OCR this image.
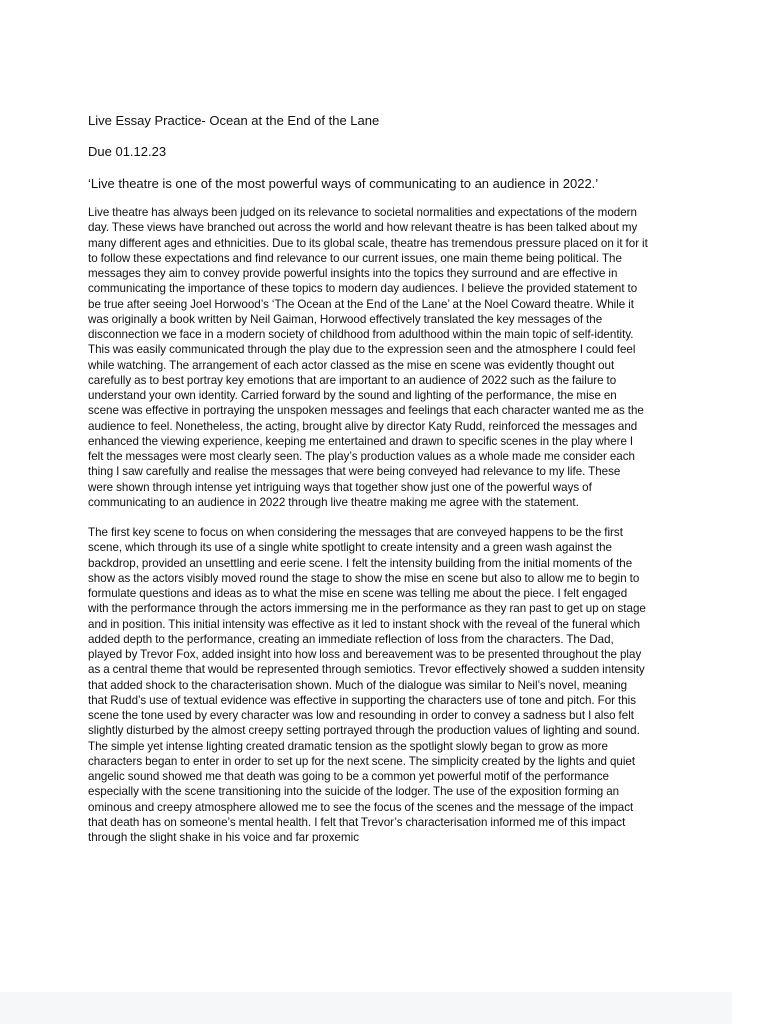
Live Essay Practice- Ocean at the End of the Lane

Due 01.12.23

‘Live theatre is one of the most powerful ways of communicating to an audience in 2022.’

Live theatre has always been judged on its relevance to societal normalities and expectations of the modern day. These views have branched out across the world and how relevant theatre is has been talked about my many different ages and ethnicities. Due to its global scale, theatre has tremendous pressure placed on it for it to follow these expectations and find relevance to our current issues, one main theme being political. The messages they aim to convey provide powerful insights into the topics they surround and are effective in communicating the importance of these topics to modern day audiences. I believe the provided statement to be true after seeing Joel Horwood’s ‘The Ocean at the End of the Lane’ at the Noel Coward theatre. While it was originally a book written by Neil Gaiman, Horwood effectively translated the key messages of the disconnection we face in a modern society of childhood from adulthood within the main topic of self-identity. This was easily communicated through the play due to the expression seen and the atmosphere I could feel while watching. The arrangement of each actor classed as the mise en scene was evidently thought out carefully as to best portray key emotions that are important to an audience of 2022 such as the failure to understand your own identity. Carried forward by the sound and lighting of the performance, the mise en scene was effective in portraying the unspoken messages and feelings that each character wanted me as the audience to feel. Nonetheless, the acting, brought alive by director Katy Rudd, reinforced the messages and enhanced the viewing experience, keeping me entertained and drawn to specific scenes in the play where I felt the messages were most clearly seen. The play’s production values as a whole made me consider each thing I saw carefully and realise the messages that were being conveyed had relevance to my life. These were shown through intense yet intriguing ways that together show just one of the powerful ways of communicating to an audience in 2022 through live theatre making me agree with the statement.

The first key scene to focus on when considering the messages that are conveyed happens to be the first scene, which through its use of a single white spotlight to create intensity and a green wash against the backdrop, provided an unsettling and eerie scene. I felt the intensity building from the initial moments of the show as the actors visibly moved round the stage to show the mise en scene but also to allow me to begin to formulate questions and ideas as to what the mise en scene was telling me about the piece. I felt engaged with the performance through the actors immersing me in the performance as they ran past to get up on stage and in position. This initial intensity was effective as it led to instant shock with the reveal of the funeral which added depth to the performance, creating an immediate reflection of loss from the characters. The Dad, played by Trevor Fox, added insight into how loss and bereavement was to be presented throughout the play as a central theme that would be represented through semiotics. Trevor effectively showed a sudden intensity that added shock to the characterisation shown. Much of the dialogue was similar to Neil’s novel, meaning that Rudd’s use of textual evidence was effective in supporting the characters use of tone and pitch. For this scene the tone used by every character was low and resounding in order to convey a sadness but I also felt slightly disturbed by the almost creepy setting portrayed through the production values of lighting and sound. The simple yet intense lighting created dramatic tension as the spotlight slowly began to grow as more characters began to enter in order to set up for the next scene. The simplicity created by the lights and quiet angelic sound showed me that death was going to be a common yet powerful motif of the performance especially with the scene transitioning into the suicide of the lodger. The use of the exposition forming an ominous and creepy atmosphere allowed me to see the focus of the scenes and the message of the impact that death has on someone’s mental health. I felt that Trevor’s characterisation informed me of this impact through the slight shake in his voice and far proxemic
